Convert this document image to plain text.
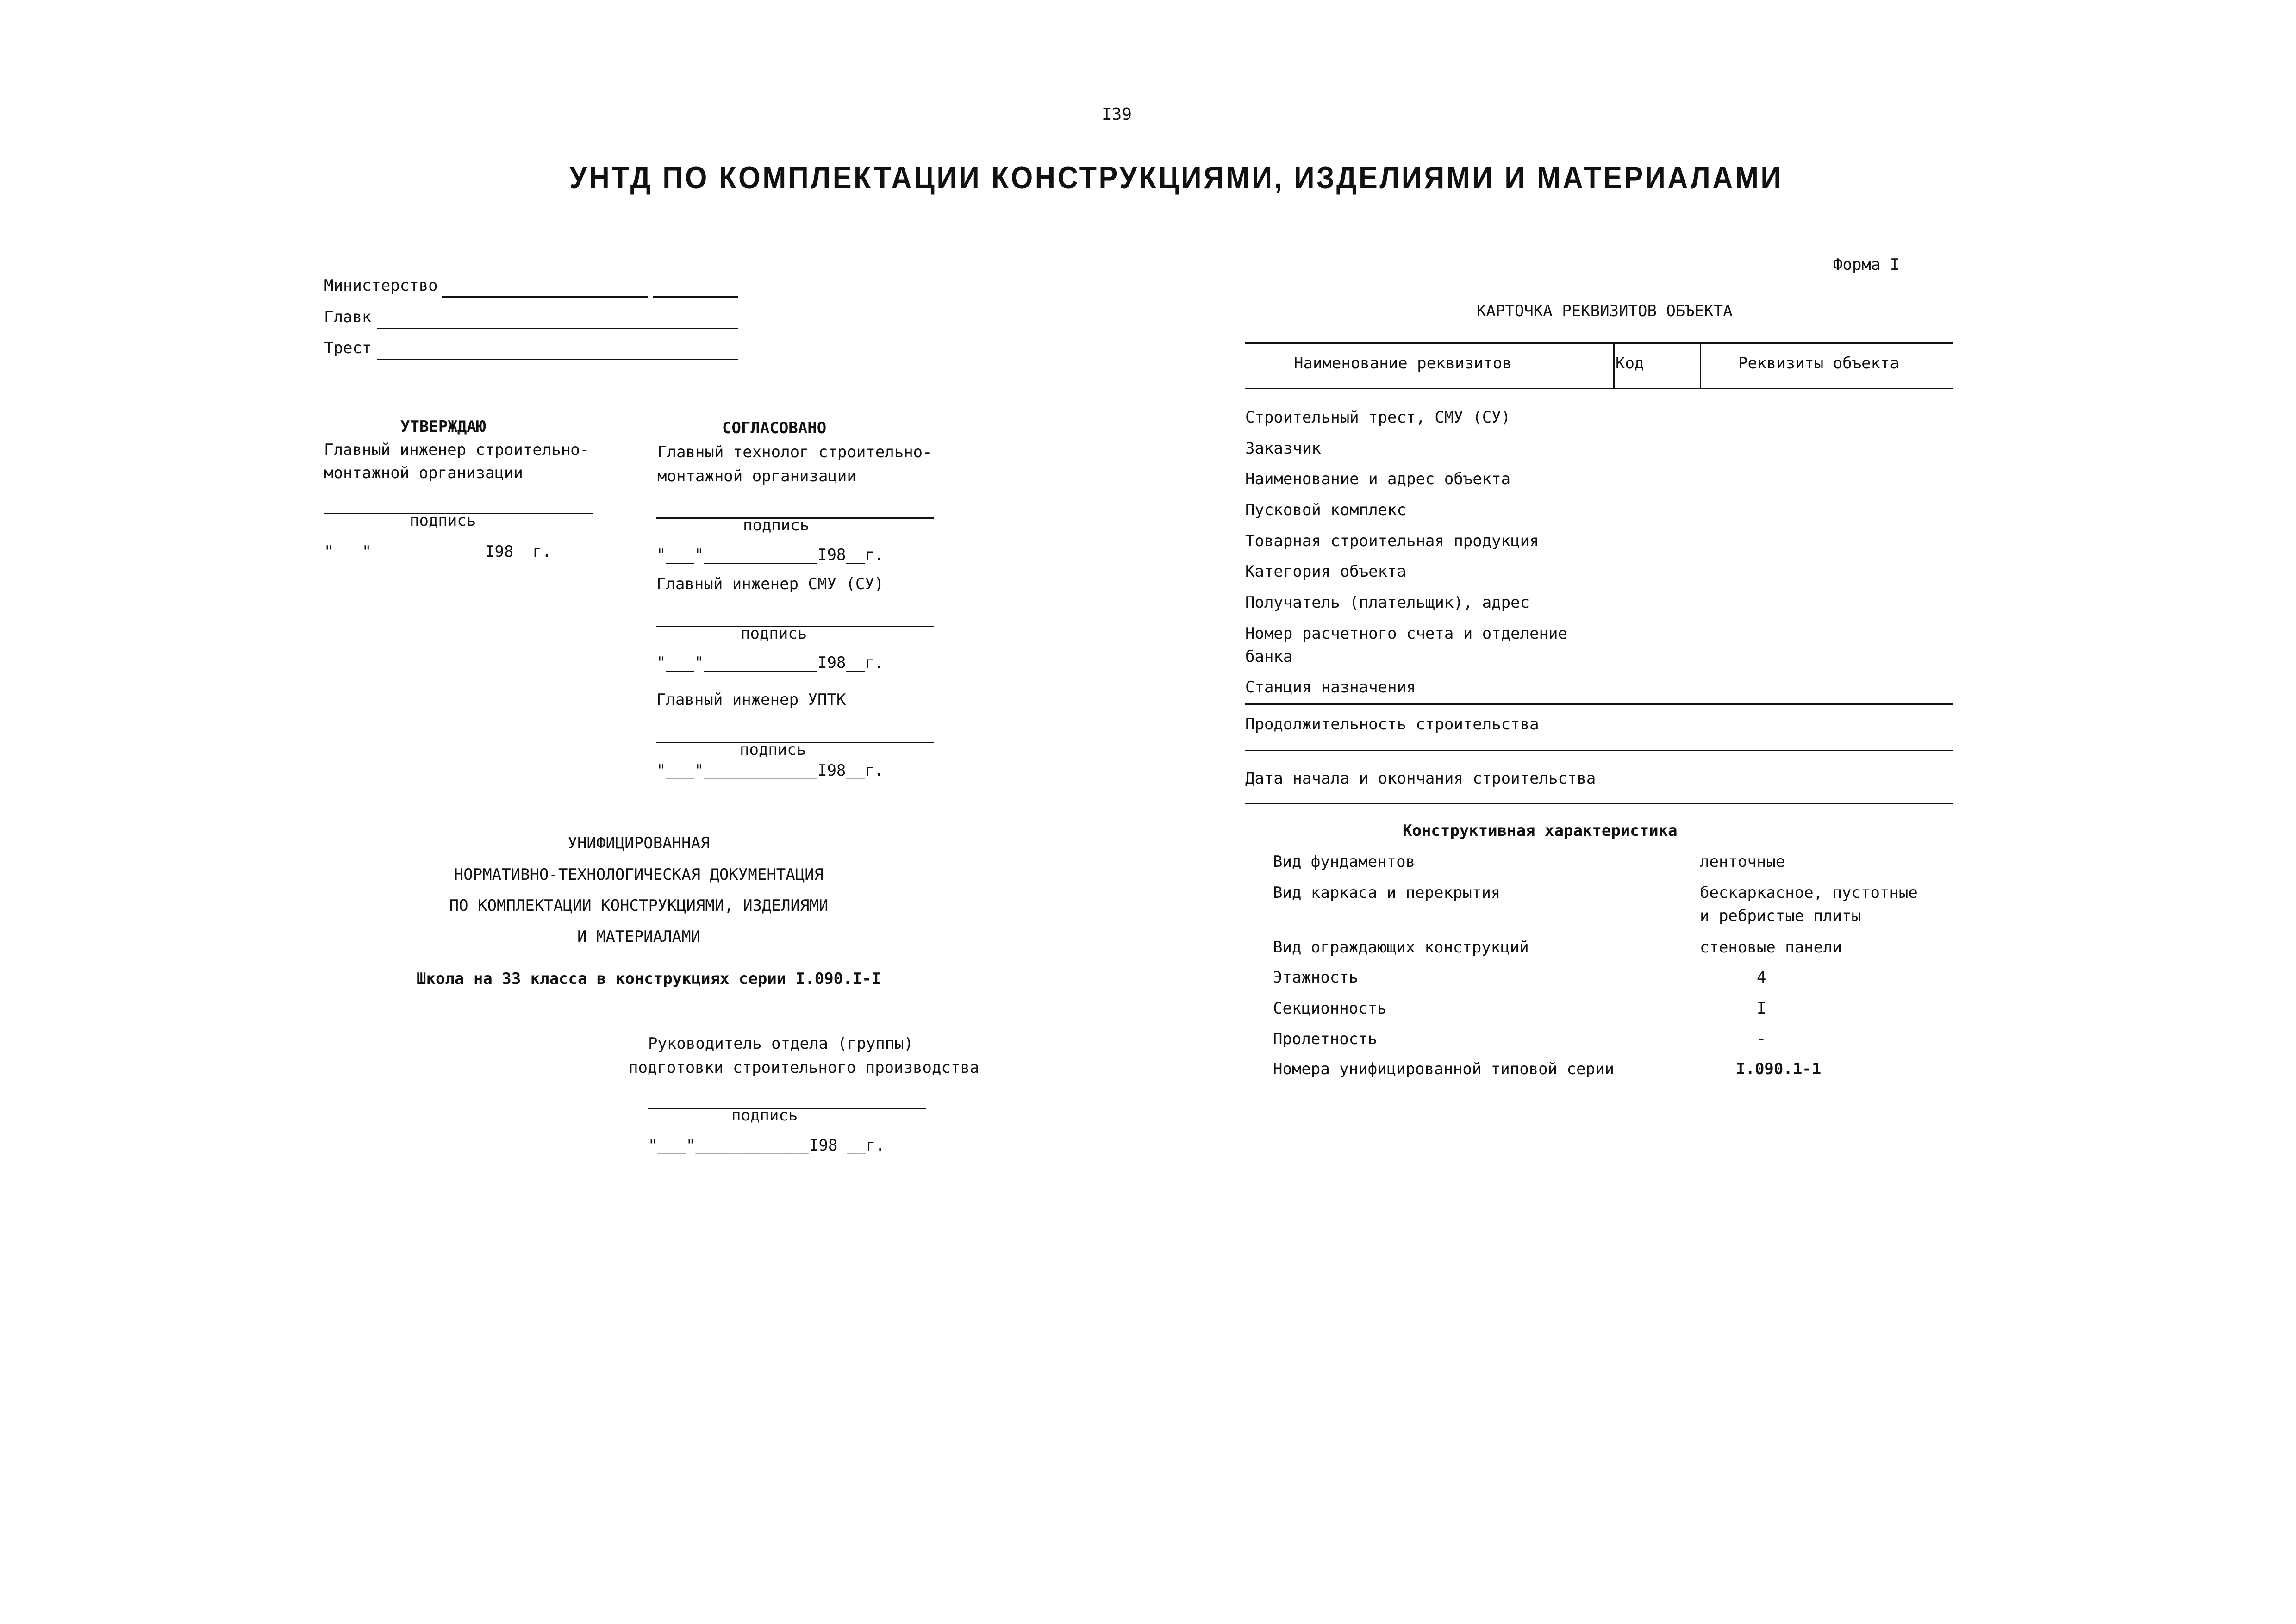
I39
УНТД ПО КОМПЛЕКТАЦИИ КОНСТРУКЦИЯМИ, ИЗДЕЛИЯМИ И МАТЕРИАЛАМИ
Министерство
Главк
Трест
УТВЕРЖДАЮ
Главный инженер строительно-
монтажной организации
подпись
"___"____________I98__г.
СОГЛАСОВАНО
Главный технолог строительно-
монтажной организации
подпись
"___"____________I98__г.
Главный инженер СМУ (СУ)
подпись
"___"____________I98__г.
Главный инженер УПТК
подпись
"___"____________I98__г.
УНИФИЦИРОВАННАЯ
НОРМАТИВНО-ТЕХНОЛОГИЧЕСКАЯ ДОКУМЕНТАЦИЯ
ПО КОМПЛЕКТАЦИИ КОНСТРУКЦИЯМИ, ИЗДЕЛИЯМИ
И МАТЕРИАЛАМИ
Школа на 33 класса в конструкциях серии I.090.I-I
Руководитель отдела (группы)
подготовки строительного производства
подпись
"___"____________I98 __г.
Форма I
КАРТОЧКА РЕКВИЗИТОВ ОБЪЕКТА
Наименование реквизитов	Код	Реквизиты объекта
Строительный трест, СМУ (СУ)
Заказчик
Наименование и адрес объекта
Пусковой комплекс
Товарная строительная продукция
Категория объекта
Получатель (плательщик), адрес
Номер расчетного счета и отделение
банка
Станция назначения
Продолжительность строительства
Дата начала и окончания строительства
Конструктивная характеристика
Вид фундаментов	ленточные
Вид каркаса и перекрытия	бескаркасное, пустотные
и ребристые плиты
Вид ограждающих конструкций	стеновые панели
Этажность	4
Секционность	I
Пролетность	-
Номера унифицированной типовой серии	I.090.1-1
